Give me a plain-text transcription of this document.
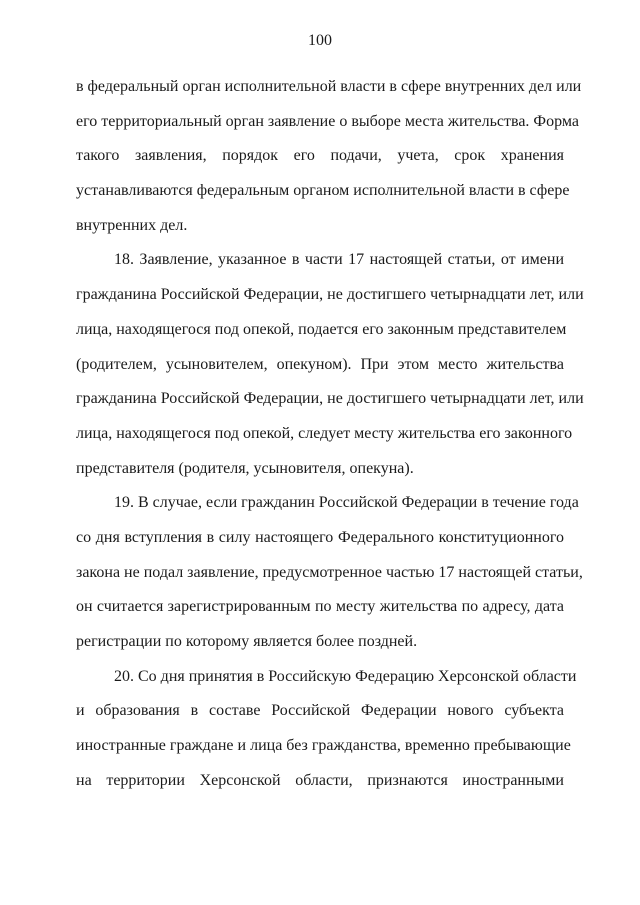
100
в федеральный орган исполнительной власти в сфере внутренних дел или
его территориальный орган заявление о выборе места жительства. Форма
такого заявления, порядок его подачи, учета, срок хранения
устанавливаются федеральным органом исполнительной власти в сфере
внутренних дел.
18. Заявление, указанное в части 17 настоящей статьи, от имени
гражданина Российской Федерации, не достигшего четырнадцати лет, или
лица, находящегося под опекой, подается его законным представителем
(родителем, усыновителем, опекуном). При этом место жительства
гражданина Российской Федерации, не достигшего четырнадцати лет, или
лица, находящегося под опекой, следует месту жительства его законного
представителя (родителя, усыновителя, опекуна).
19. В случае, если гражданин Российской Федерации в течение года
со дня вступления в силу настоящего Федерального конституционного
закона не подал заявление, предусмотренное частью 17 настоящей статьи,
он считается зарегистрированным по месту жительства по адресу, дата
регистрации по которому является более поздней.
20. Со дня принятия в Российскую Федерацию Херсонской области
и образования в составе Российской Федерации нового субъекта
иностранные граждане и лица без гражданства, временно пребывающие
на территории Херсонской области, признаются иностранными
